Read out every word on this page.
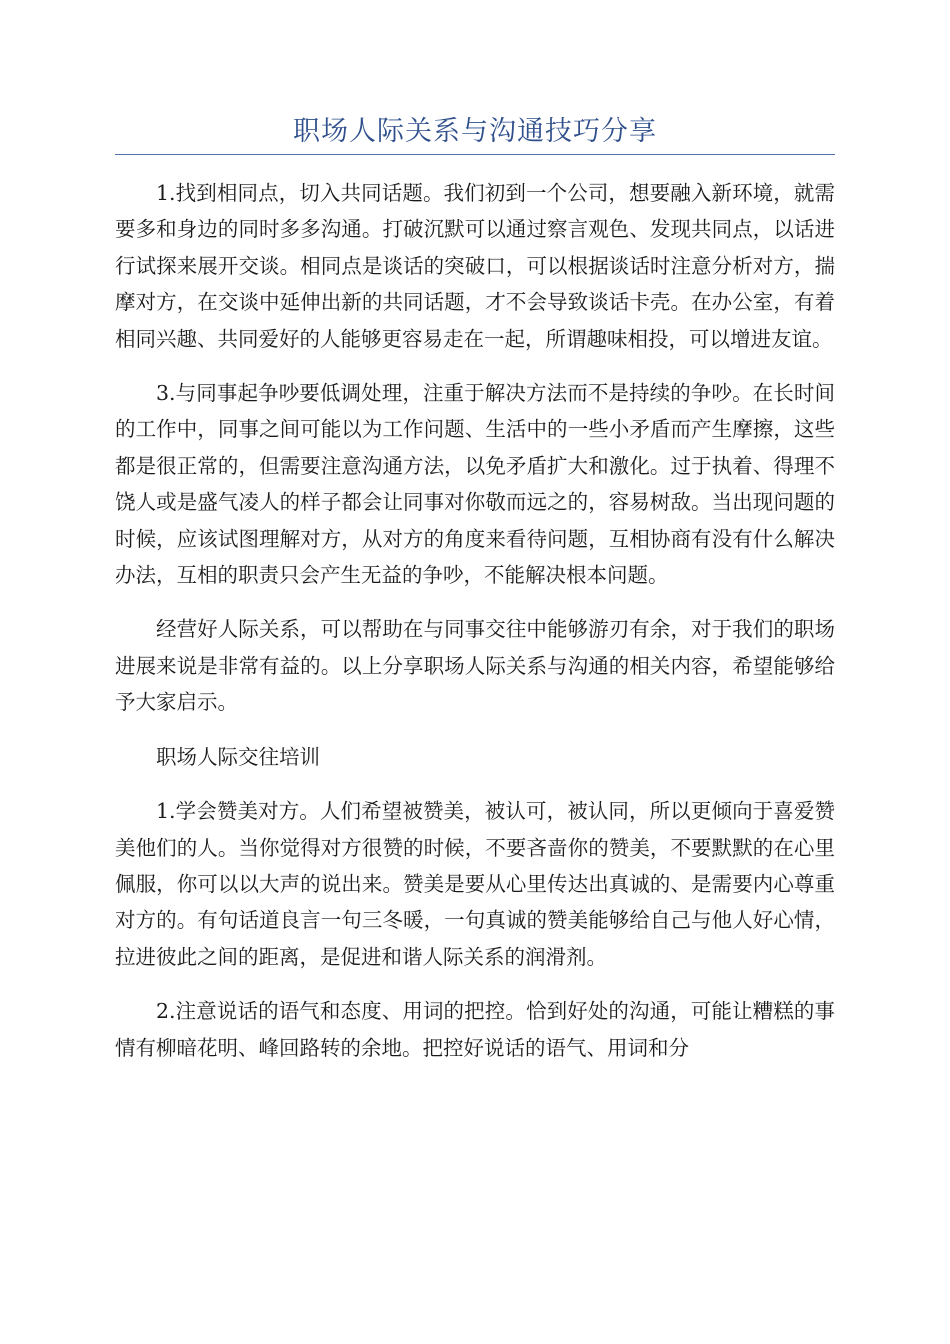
职场人际关系与沟通技巧分享

1.找到相同点，切入共同话题。我们初到一个公司，想要融入新环境，就需要多和身边的同时多多沟通。打破沉默可以通过察言观色、发现共同点，以话进行试探来展开交谈。相同点是谈话的突破口，可以根据谈话时注意分析对方，揣摩对方，在交谈中延伸出新的共同话题，才不会导致谈话卡壳。在办公室，有着相同兴趣、共同爱好的人能够更容易走在一起，所谓趣味相投，可以增进友谊。

3.与同事起争吵要低调处理，注重于解决方法而不是持续的争吵。在长时间的工作中，同事之间可能以为工作问题、生活中的一些小矛盾而产生摩擦，这些都是很正常的，但需要注意沟通方法，以免矛盾扩大和激化。过于执着、得理不饶人或是盛气凌人的样子都会让同事对你敬而远之的，容易树敌。当出现问题的时候，应该试图理解对方，从对方的角度来看待问题，互相协商有没有什么解决办法，互相的职责只会产生无益的争吵，不能解决根本问题。

经营好人际关系，可以帮助在与同事交往中能够游刃有余，对于我们的职场进展来说是非常有益的。以上分享职场人际关系与沟通的相关内容，希望能够给予大家启示。

职场人际交往培训

1.学会赞美对方。人们希望被赞美，被认可，被认同，所以更倾向于喜爱赞美他们的人。当你觉得对方很赞的时候，不要吝啬你的赞美，不要默默的在心里佩服，你可以以大声的说出来。赞美是要从心里传达出真诚的、是需要内心尊重对方的。有句话道良言一句三冬暖，一句真诚的赞美能够给自己与他人好心情，拉进彼此之间的距离，是促进和谐人际关系的润滑剂。

2.注意说话的语气和态度、用词的把控。恰到好处的沟通，可能让糟糕的事情有柳暗花明、峰回路转的余地。把控好说话的语气、用词和分
